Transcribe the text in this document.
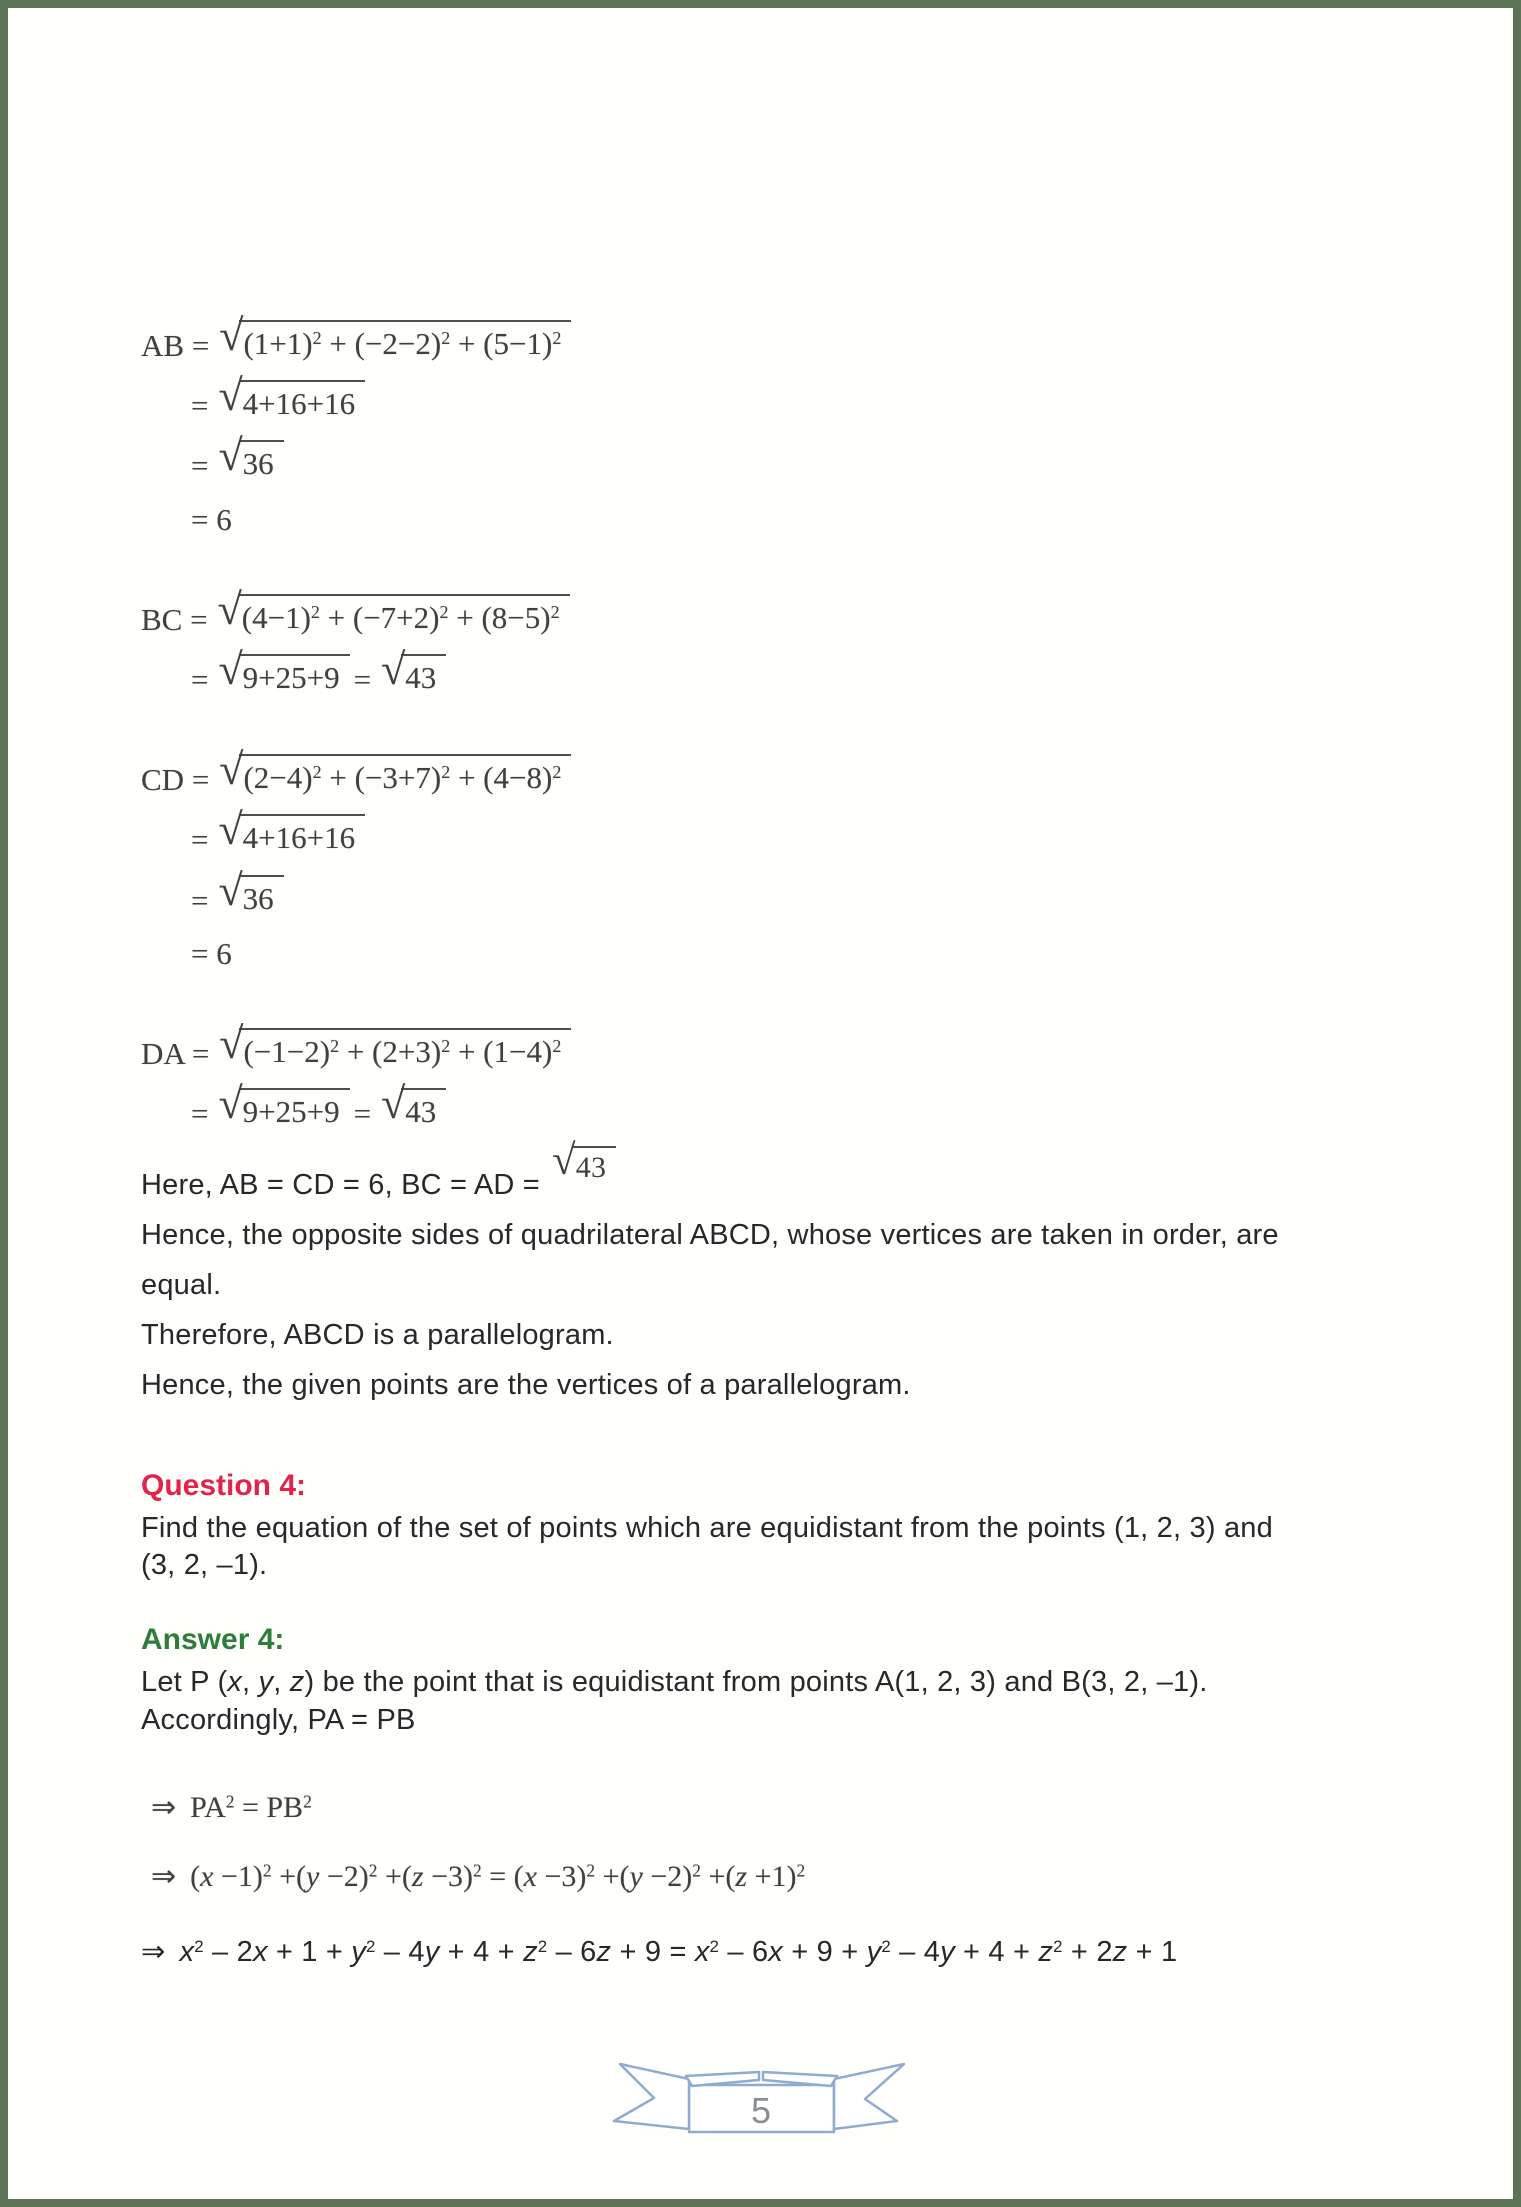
AB = √ $(1+1)^2 + (-2-2)^2 + (5-1)^2$
= √ 4+16+16
= √ 36
= 6
BC = √ $(4-1)^2 + (-7+2)^2 + (8-5)^2$
= √ 9+25+9 = √ 43
CD = √ $(2-4)^2 + (-3+7)^2 + (4-8)^2$
= √ 4+16+16
= √ 36
= 6
DA = √ $(-1-2)^2 + (2+3)^2 + (1-4)^2$
= √ 9+25+9 = √ 43
Here, AB = CD = 6, BC = AD =
√ 43
Hence, the opposite sides of quadrilateral ABCD, whose vertices are taken in order, are
equal.
Therefore, ABCD is a parallelogram.
Hence, the given points are the vertices of a parallelogram.
Question 4:
Find the equation of the set of points which are equidistant from the points (1, 2, 3) and
(3, 2, –1).
Answer 4:
Let P (x, y, z) be the point that is equidistant from points A(1, 2, 3) and B(3, 2, –1).
Accordingly, PA = PB
⇒ $PA^2 = PB^2$
⇒ $(x -1)^2 +(y -2)^2 +(z -3)^2 = (x -3)^2 +(y -2)^2 +(z +1)^2$
⇒ $x^2 - 2x + 1 + y^2 - 4y + 4 + z^2 - 6z + 9 = x^2 - 6x + 9 + y^2 - 4y + 4 + z^2 + 2z + 1$
5
